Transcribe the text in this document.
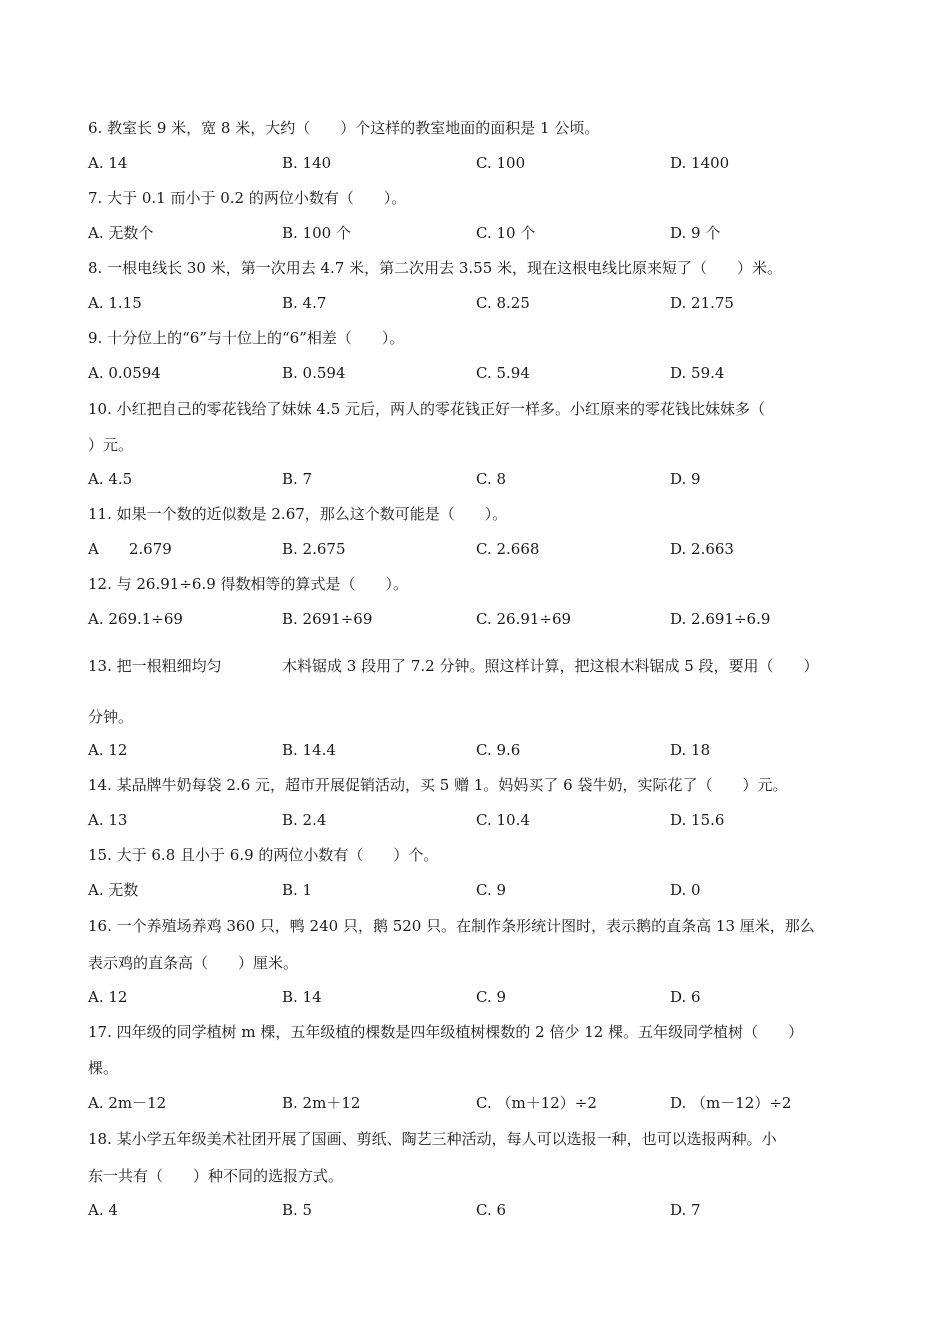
6. 教室长 9 米，宽 8 米，大约（　　）个这样的教室地面的面积是 1 公顷。
A. 14	B. 140	C. 100	D. 1400
7. 大于 0.1 而小于 0.2 的两位小数有（　　）。
A. 无数个	B. 100 个	C. 10 个	D. 9 个
8. 一根电线长 30 米，第一次用去 4.7 米，第二次用去 3.55 米，现在这根电线比原来短了（　　）米。
A. 1.15	B. 4.7	C. 8.25	D. 21.75
9. 十分位上的“6”与十位上的“6”相差（　　）。
A. 0.0594	B. 0.594	C. 5.94	D. 59.4
10. 小红把自己的零花钱给了妹妹 4.5 元后，两人的零花钱正好一样多。小红原来的零花钱比妹妹多（
）元。
A. 4.5	B. 7	C. 8	D. 9
11. 如果一个数的近似数是 2.67，那么这个数可能是（　　）。
A　　2.679	B. 2.675	C. 2.668	D. 2.663
12. 与 26.91÷6.9 得数相等的算式是（　　）。
A. 269.1÷69	B. 2691÷69	C. 26.91÷69	D. 2.691÷6.9
13. 把一根粗细均匀	木料锯成 3 段用了 7.2 分钟。照这样计算，把这根木料锯成 5 段，要用（　　）
分钟。
A. 12	B. 14.4	C. 9.6	D. 18
14. 某品牌牛奶每袋 2.6 元，超市开展促销活动，买 5 赠 1。妈妈买了 6 袋牛奶，实际花了（　　）元。
A. 13	B. 2.4	C. 10.4	D. 15.6
15. 大于 6.8 且小于 6.9 的两位小数有（　　）个。
A. 无数	B. 1	C. 9	D. 0
16. 一个养殖场养鸡 360 只，鸭 240 只，鹅 520 只。在制作条形统计图时，表示鹅的直条高 13 厘米，那么
表示鸡的直条高（　　）厘米。
A. 12	B. 14	C. 9	D. 6
17. 四年级的同学植树 m 棵，五年级植的棵数是四年级植树棵数的 2 倍少 12 棵。五年级同学植树（　　）
棵。
A. 2m－12	B. 2m＋12	C. （m＋12）÷2	D. （m－12）÷2
18. 某小学五年级美术社团开展了国画、剪纸、陶艺三种活动，每人可以选报一种，也可以选报两种。小
东一共有（　　）种不同的选报方式。
A. 4	B. 5	C. 6	D. 7
